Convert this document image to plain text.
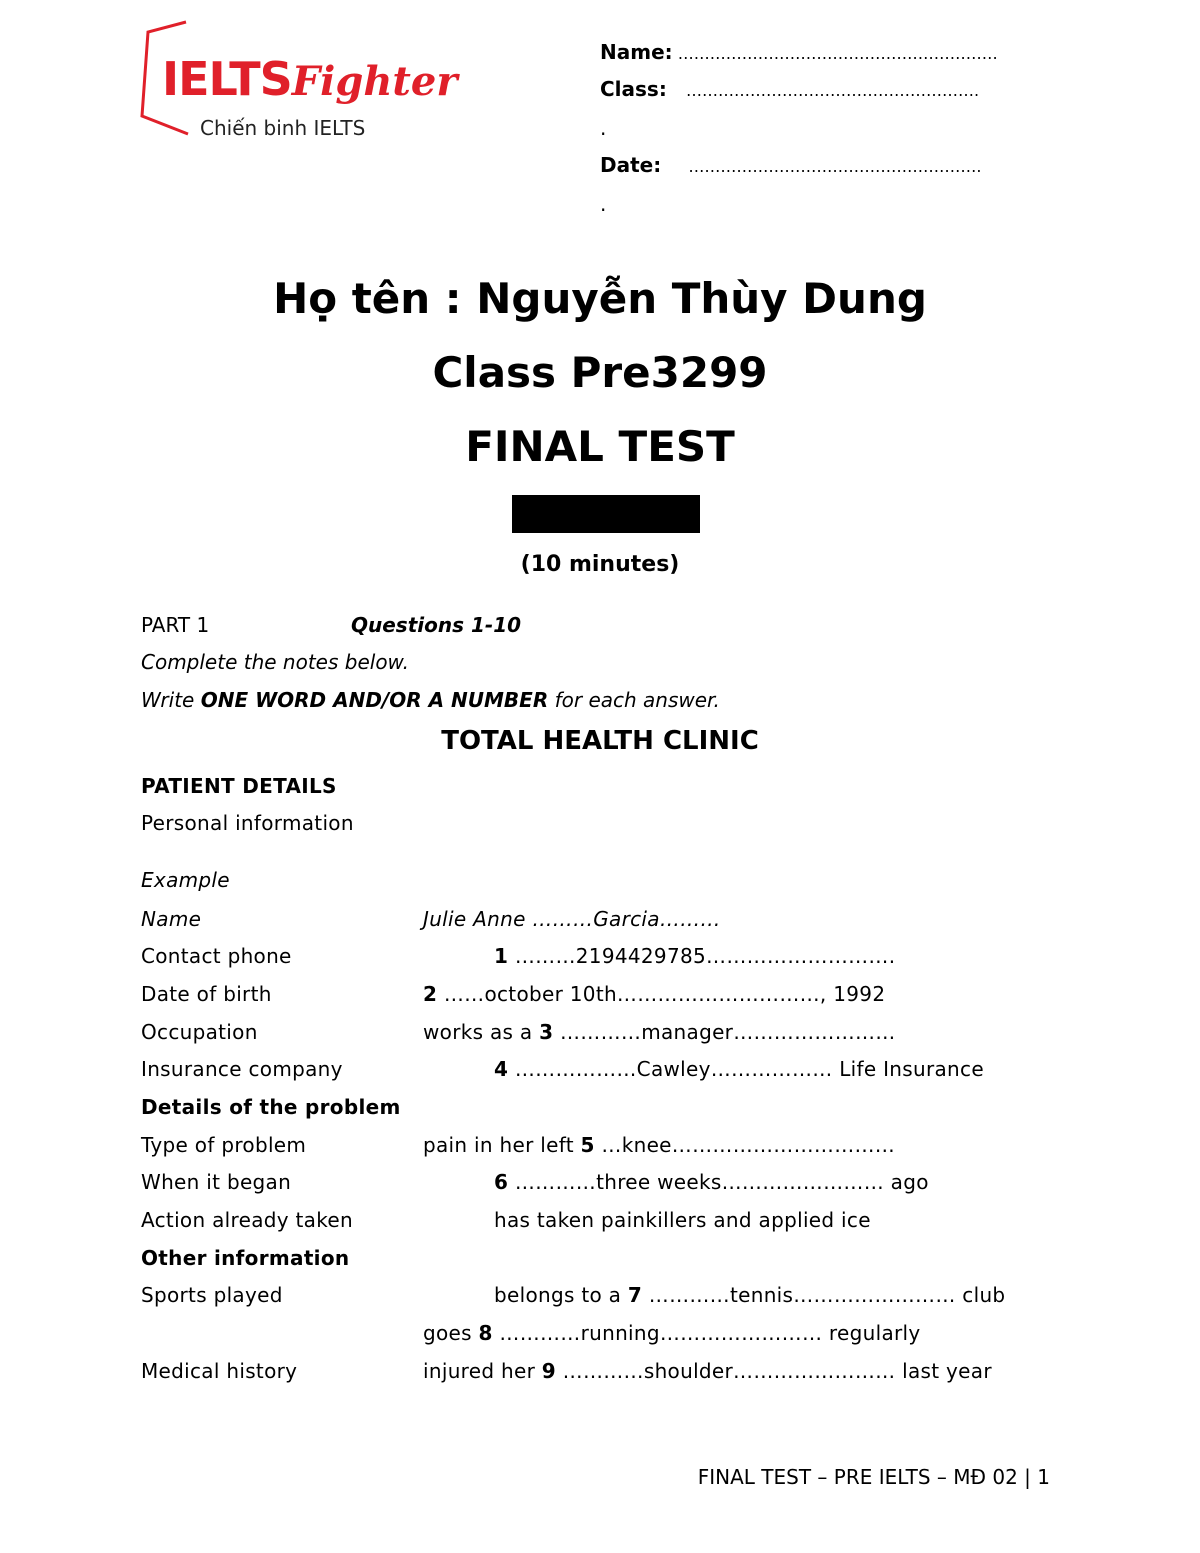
IELTSFighter
Chiến binh IELTS
Name: ……………………………………………………
Class: ……………………………………………….
.
Date: ……………………………………………….
.
Họ tên : Nguyễn Thùy Dung
Class Pre3299
FINAL TEST
(10 minutes)
PART 1	Questions 1-10
Complete the notes below.
Write ONE WORD AND/OR A NUMBER for each answer.
TOTAL HEALTH CLINIC
PATIENT DETAILS
Personal information
Example
Name	Julie Anne ………Garcia………
Contact phone	1 ………2194429785……………………….
Date of birth	2 ……october 10th…………………………, 1992
Occupation	works as a 3 …………manager……………………
Insurance company	4 ………………Cawley……………… Life Insurance
Details of the problem
Type of problem	pain in her left 5 …knee……………………………
When it began	6 …………three weeks…………………… ago
Action already taken	has taken painkillers and applied ice
Other information
Sports played	belongs to a 7 …………tennis…………………… club
goes 8 …………running…………………… regularly
Medical history	injured her 9 …………shoulder…………………… last year
FINAL TEST – PRE IELTS – MĐ 02 | 1
